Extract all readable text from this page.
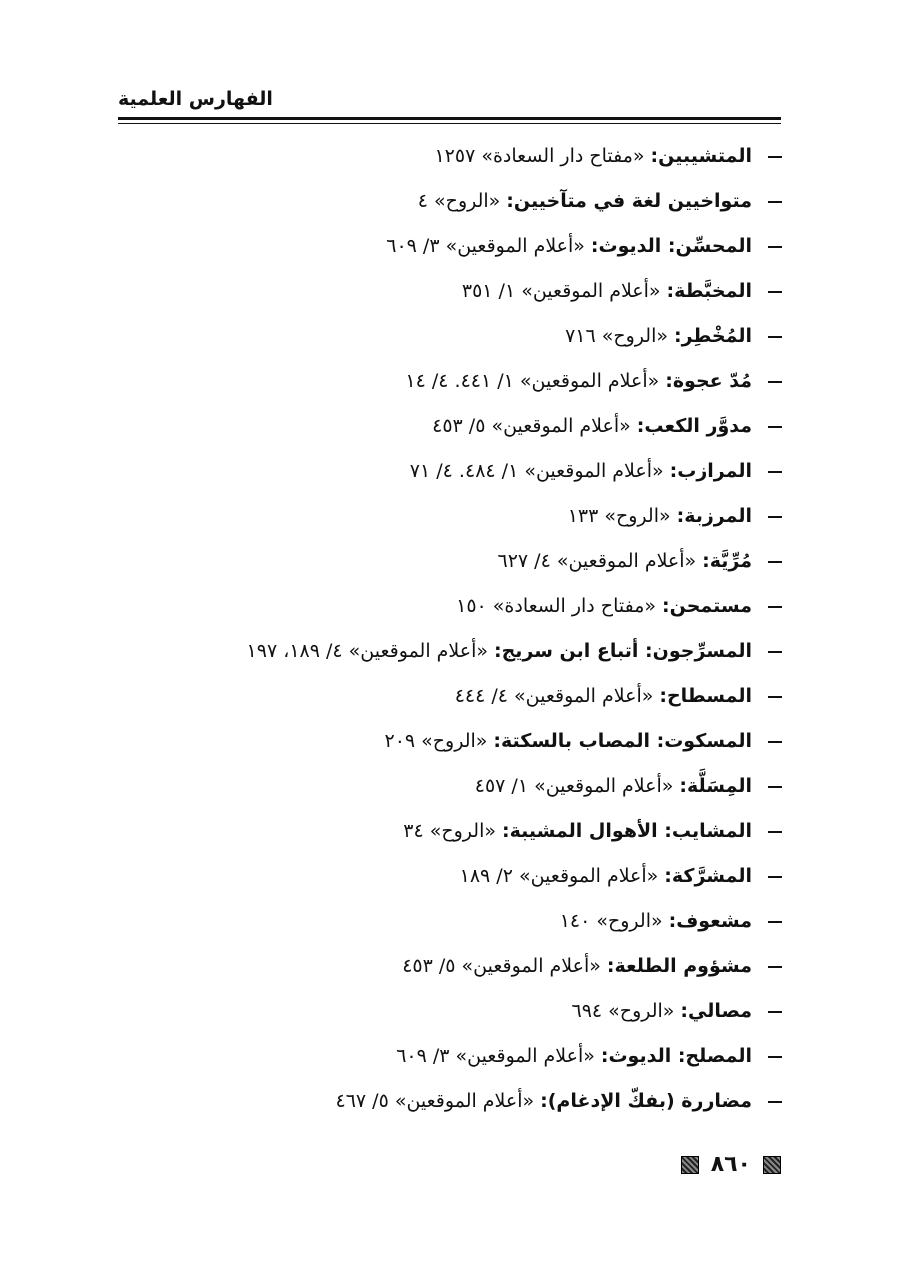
الفهارس العلمية
المتشيبين:
«مفتاح دار السعادة» ١٢٥٧
متواخيين لغة في متآخيين:
«الروح» ٤
المحسِّن: الديوث:
«أعلام الموقعين» ٣/ ٦٠٩
المخبَّطة:
«أعلام الموقعين» ١/ ٣٥١
المُخْطِر:
«الروح» ٧١٦
مُدّ عجوة:
«أعلام الموقعين» ١/ ٤٤١. ٤/ ١٤
مدوَّر الكعب:
«أعلام الموقعين» ٥/ ٤٥٣
المرازب:
«أعلام الموقعين» ١/ ٤٨٤. ٤/ ٧١
المرزبة:
«الروح» ١٣٣
مُرِّيَّة:
«أعلام الموقعين» ٤/ ٦٢٧
مستمحن:
«مفتاح دار السعادة» ١٥٠
المسرِّجون: أتباع ابن سريج:
«أعلام الموقعين» ٤/ ١٨٩، ١٩٧
المسطاح:
«أعلام الموقعين» ٤/ ٤٤٤
المسكوت: المصاب بالسكتة:
«الروح» ٢٠٩
المِسَلَّة:
«أعلام الموقعين» ١/ ٤٥٧
المشايب: الأهوال المشيبة:
«الروح» ٣٤
المشرَّكة:
«أعلام الموقعين» ٢/ ١٨٩
مشعوف:
«الروح» ١٤٠
مشؤوم الطلعة:
«أعلام الموقعين» ٥/ ٤٥٣
مصالي:
«الروح» ٦٩٤
المصلح: الديوث:
«أعلام الموقعين» ٣/ ٦٠٩
مضاررة (بفكّ الإدغام):
«أعلام الموقعين» ٥/ ٤٦٧
٨٦٠
